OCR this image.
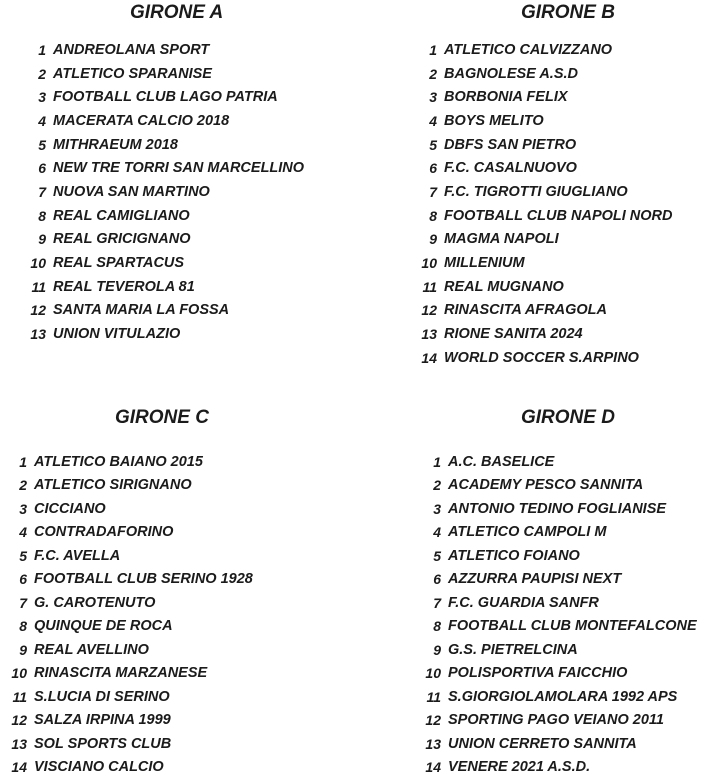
GIRONE A
1 ANDREOLANA SPORT
2 ATLETICO SPARANISE
3 FOOTBALL CLUB LAGO PATRIA
4 MACERATA CALCIO 2018
5 MITHRAEUM 2018
6 NEW TRE TORRI SAN MARCELLINO
7 NUOVA SAN MARTINO
8 REAL CAMIGLIANO
9 REAL GRICIGNANO
10 REAL SPARTACUS
11 REAL TEVEROLA 81
12 SANTA MARIA LA FOSSA
13 UNION VITULAZIO
GIRONE B
1 ATLETICO CALVIZZANO
2 BAGNOLESE A.S.D
3 BORBONIA FELIX
4 BOYS MELITO
5 DBFS SAN PIETRO
6 F.C. CASALNUOVO
7 F.C. TIGROTTI GIUGLIANO
8 FOOTBALL CLUB NAPOLI NORD
9 MAGMA NAPOLI
10 MILLENIUM
11 REAL MUGNANO
12 RINASCITA AFRAGOLA
13 RIONE SANITA 2024
14 WORLD SOCCER S.ARPINO
GIRONE C
1 ATLETICO BAIANO 2015
2 ATLETICO SIRIGNANO
3 CICCIANO
4 CONTRADAFORINO
5 F.C. AVELLA
6 FOOTBALL CLUB SERINO 1928
7 G. CAROTENUTO
8 QUINQUE DE ROCA
9 REAL AVELLINO
10 RINASCITA MARZANESE
11 S.LUCIA DI SERINO
12 SALZA IRPINA 1999
13 SOL SPORTS CLUB
14 VISCIANO CALCIO
GIRONE D
1 A.C. BASELICE
2 ACADEMY PESCO SANNITA
3 ANTONIO TEDINO FOGLIANISE
4 ATLETICO CAMPOLI M
5 ATLETICO FOIANO
6 AZZURRA PAUPISI NEXT
7 F.C. GUARDIA SANFR
8 FOOTBALL CLUB MONTEFALCONE
9 G.S. PIETRELCINA
10 POLISPORTIVA FAICCHIO
11 S.GIORGIOLAMOLARA 1992 APS
12 SPORTING PAGO VEIANO 2011
13 UNION CERRETO SANNITA
14 VENERE 2021 A.S.D.
